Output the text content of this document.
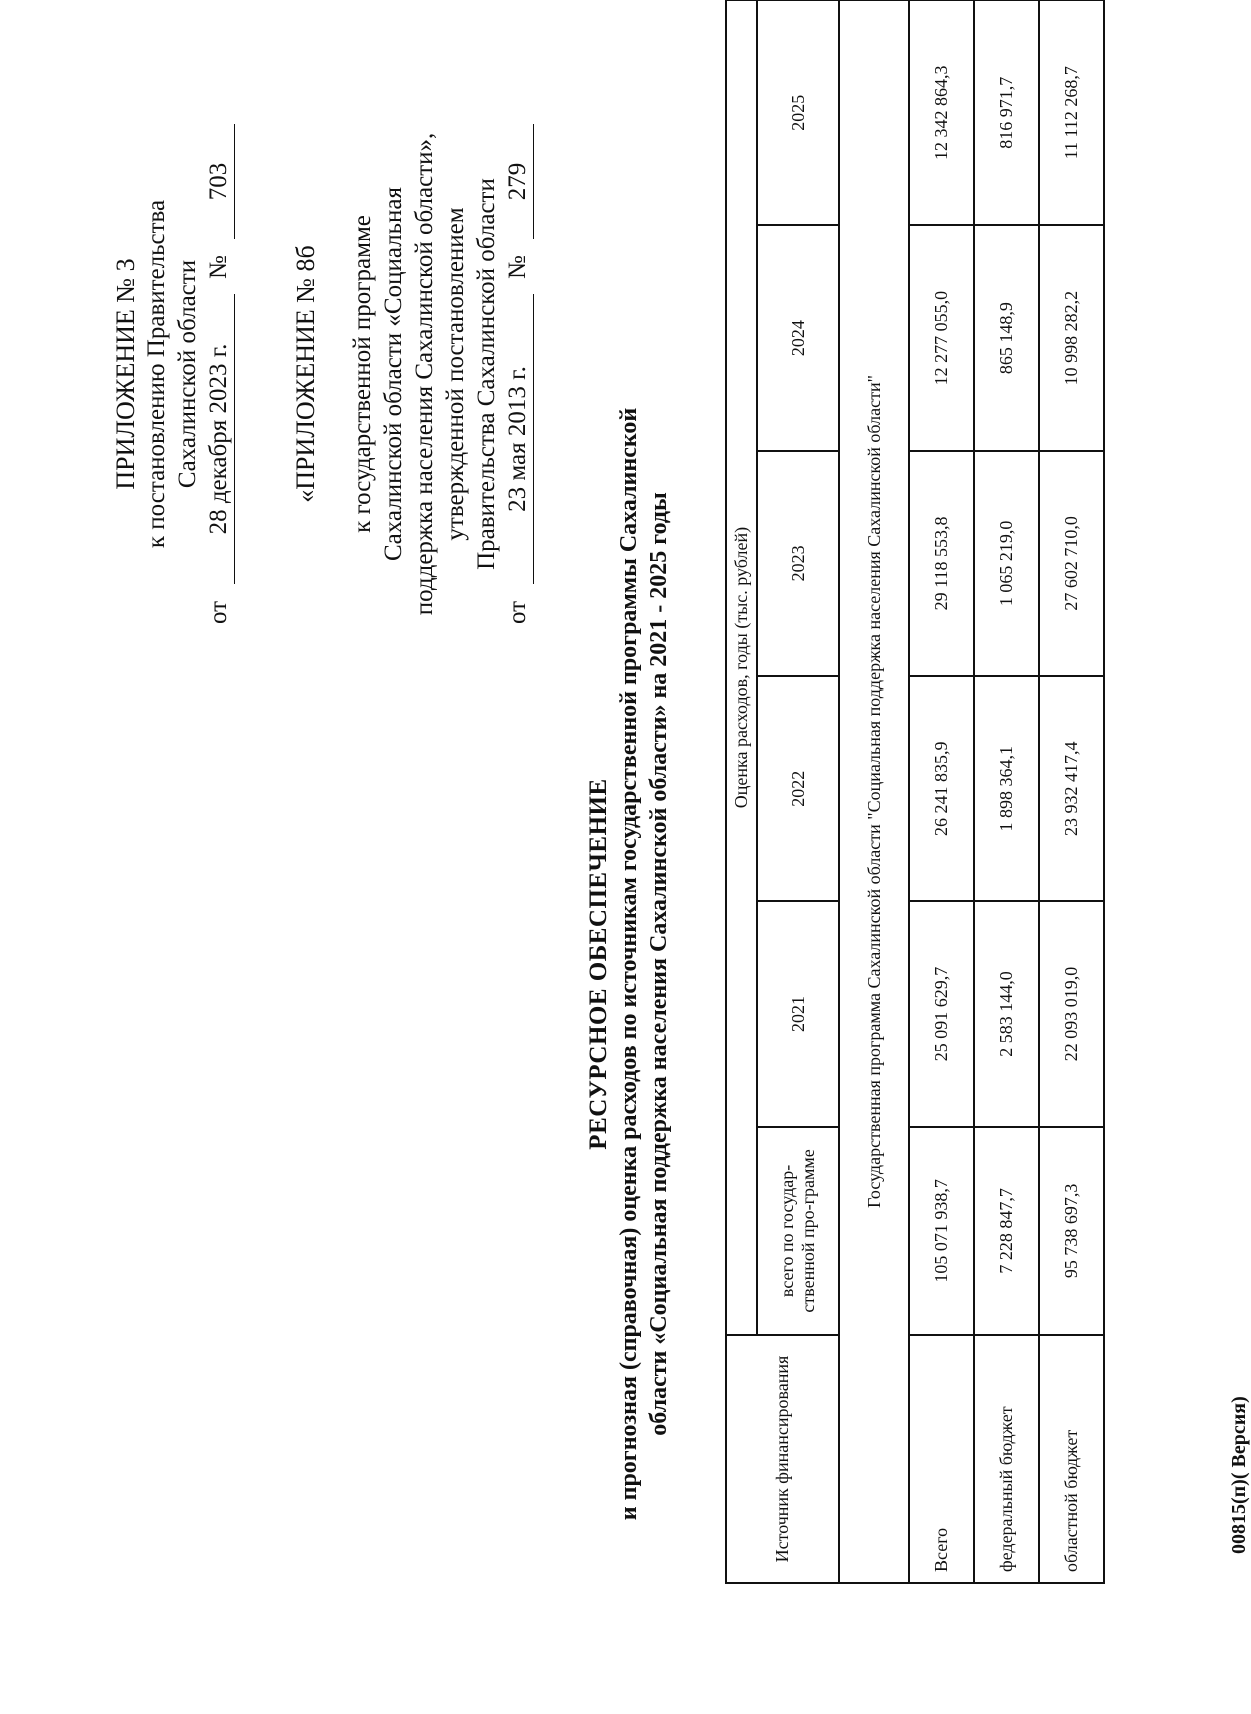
ПРИЛОЖЕНИЕ № 3 к постановлению Правительства Сахалинской области
от
28 декабря 2023 г.
№
703
«ПРИЛОЖЕНИЕ № 8б к государственной программе Сахалинской области «Социальная поддержка населения Сахалинской области», утвержденной постановлением Правительства Сахалинской области
от
23 мая 2013 г.
№
279
РЕСУРСНОЕ ОБЕСПЕЧЕНИЕ и прогнозная (справочная) оценка расходов по источникам государственной программы Сахалинской области «Социальная поддержка населения Сахалинской области» на 2021 - 2025 годы
Источник финансирования	Оценка расходов, годы (тыс. рублей)					
	всего по государ-ственной про-грамме	2021	2022	2023	2024	2025
Государственная программа Сахалинской области "Социальная поддержка населения Сахалинской области"						
Всего	105 071 938,7	25 091 629,7	26 241 835,9	29 118 553,8	12 277 055,0	12 342 864,3
федеральный бюджет	7 228 847,7	2 583 144,0	1 898 364,1	1 065 219,0	865 148,9	816 971,7
областной бюджет	95 738 697,3	22 093 019,0	23 932 417,4	27 602 710,0	10 998 282,2	11 112 268,7
00815(п)( Версия)
